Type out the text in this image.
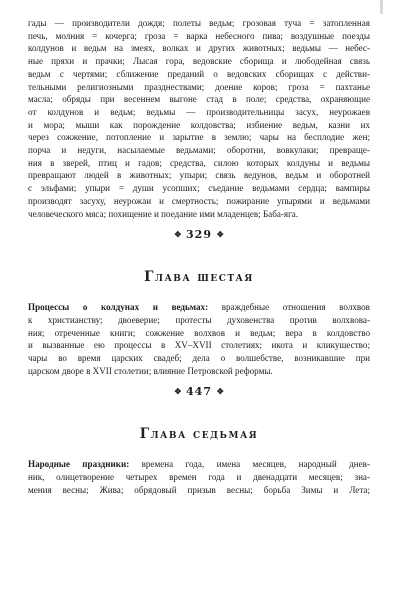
гады — производители дождя; полеты ведьм; грозовая туча = затопленная
печь, молния = кочерга; гроза = варка небесного пива; воздушные поезды
колдунов и ведьм на змеях, волках и других животных; ведьмы — небес-
ные пряхи и прачки; Лысая гора, ведовские сборища и любодейная связь
ведьм с чертями; сближение преданий о ведовских сборищах с действи-
тельными религиозными празднествами; доение коров; гроза = пахтанье
масла; обряды при весеннем выгоне стад в поле; средства, охраняющие
от колдунов и ведьм; ведьмы — производительницы засух, неурожаев
и мора; мыши как порождение колдовства; избиение ведьм, казни их
через сожжение, потопление и зарытие в землю; чары на бесплодие жен;
порча и недуги, насылаемые ведьмами; оборотни, вовкулаки; превраще-
ния в зверей, птиц и гадов; средства, силою которых колдуны и ведьмы
превращают людей в животных; упыри; связь ведунов, ведьм и оборотней
с эльфами; упыри = души усопших; съедание ведьмами сердца; вампиры
производят засуху, неурожаи и смертность; пожирание упырями и ведьмами
человеческого мяса; похищение и поедание ими младенцев; Баба-яга.
✥ 329 ✥
Глава шестая
Процессы о колдунах и ведьмах: враждебные отношения волхвов
к христианству; двоеверие; протесты духовенства против волхвова-
ния; отреченные книги; сожжение волхвов и ведьм; вера в колдовство
и вызванные ею процессы в XV–XVII столетиях; икота и кликушество;
чары во время царских свадеб; дела о волшебстве, возникавшие при
царском дворе в XVII столетии; влияние Петровской реформы.
✥ 447 ✥
Глава седьмая
Народные праздники: времена года, имена месяцев, народный днев-
ник, олицетворение четырех времен года и двенадцати месяцев; зна-
мения весны; Жива; обрядовый призыв весны; борьба Зимы и Лета;
